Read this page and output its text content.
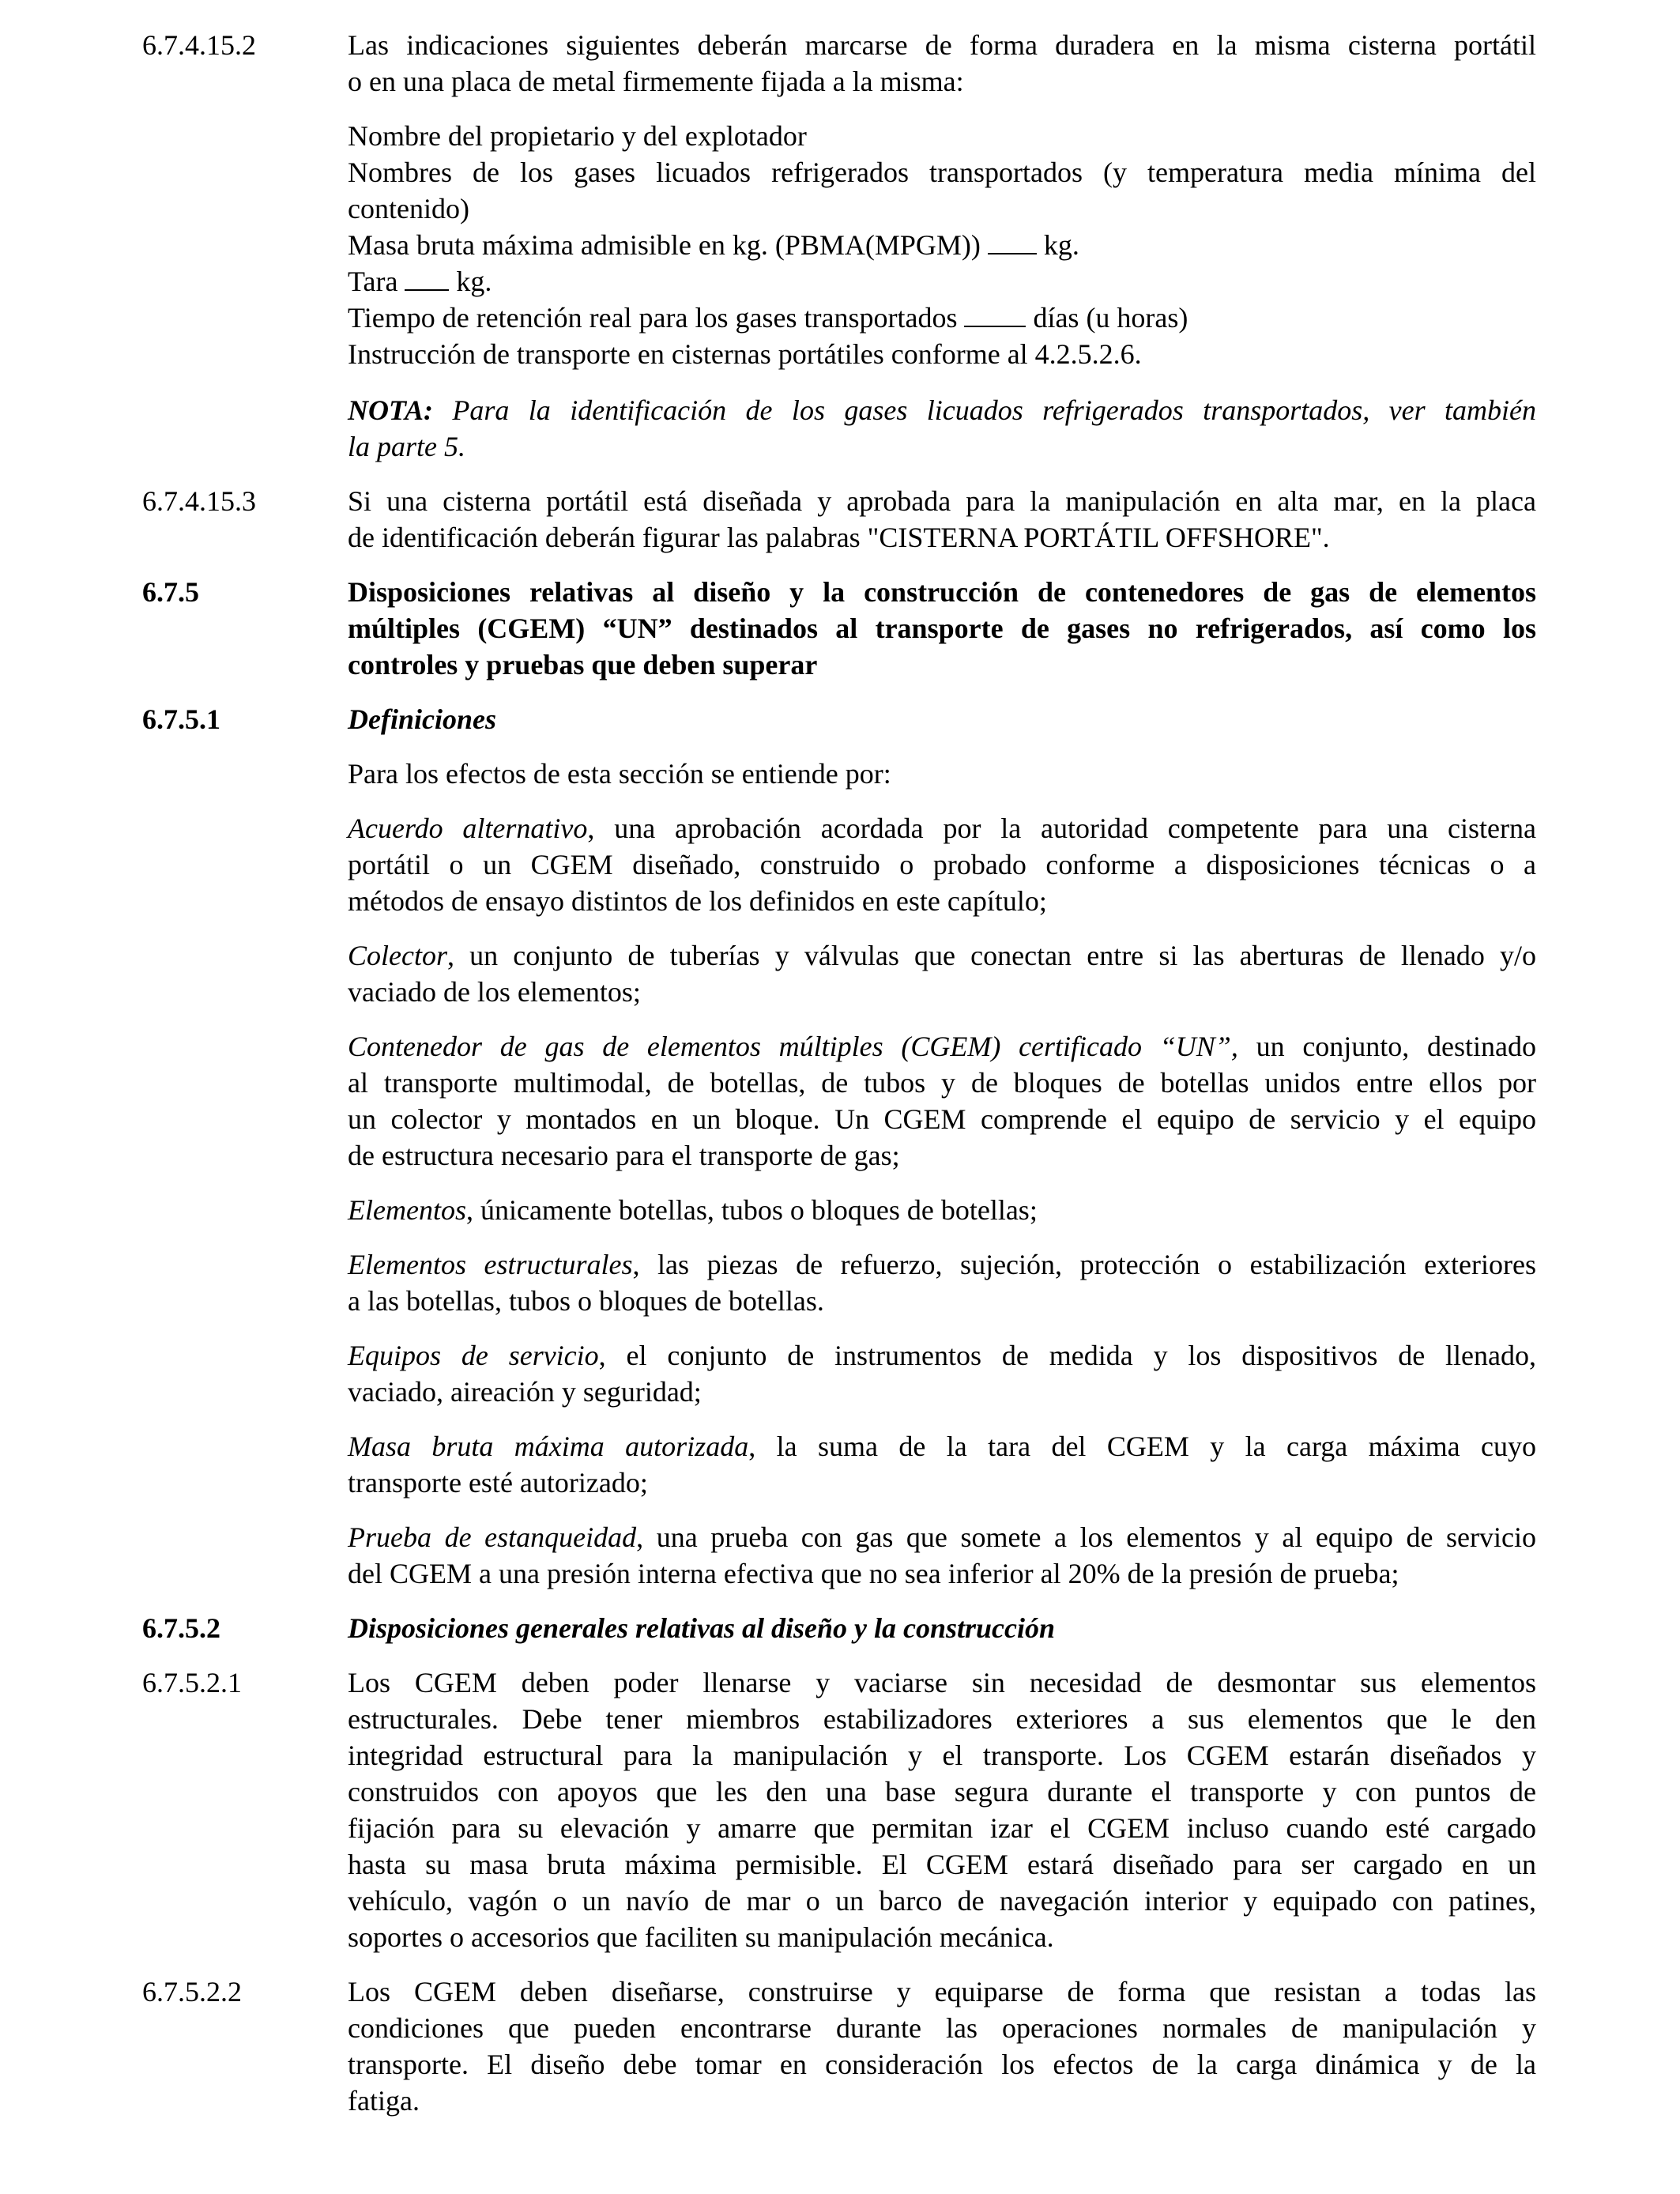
6.7.4.15.2	Las indicaciones siguientes deberán marcarse de forma duradera en la misma cisterna portátil
o en una placa de metal firmemente fijada a la misma:
Nombre del propietario y del explotador
Nombres de los gases licuados refrigerados transportados (y temperatura media mínima del
contenido)
Masa bruta máxima admisible en kg. (PBMA(MPGM)) kg.
Tara kg.
Tiempo de retención real para los gases transportados	días (u horas)
Instrucción de transporte en cisternas portátiles conforme al 4.2.5.2.6.
NOTA: Para la identificación de los gases licuados refrigerados transportados, ver también
la parte 5.
6.7.4.15.3	Si una cisterna portátil está diseñada y aprobada para la manipulación en alta mar, en la placa
de identificación deberán figurar las palabras "CISTERNA PORTÁTIL OFFSHORE".
6.7.5	Disposiciones relativas al diseño y la construcción de contenedores de gas de elementos
múltiples (CGEM) “UN” destinados al transporte de gases no refrigerados, así como los
controles y pruebas que deben superar
6.7.5.1	Definiciones
Para los efectos de esta sección se entiende por:
Acuerdo alternativo, una aprobación acordada por la autoridad competente para una cisterna
portátil o un CGEM diseñado, construido o probado conforme a disposiciones técnicas o a
métodos de ensayo distintos de los definidos en este capítulo;
Colector, un conjunto de tuberías y válvulas que conectan entre si las aberturas de llenado y/o
vaciado de los elementos;
Contenedor de gas de elementos múltiples (CGEM) certificado “UN”, un conjunto, destinado
al transporte multimodal, de botellas, de tubos y de bloques de botellas unidos entre ellos por
un colector y montados en un bloque. Un CGEM comprende el equipo de servicio y el equipo
de estructura necesario para el transporte de gas;
Elementos, únicamente botellas, tubos o bloques de botellas;
Elementos estructurales, las piezas de refuerzo, sujeción, protección o estabilización exteriores
a las botellas, tubos o bloques de botellas.
Equipos de servicio, el conjunto de instrumentos de medida y los dispositivos de llenado,
vaciado, aireación y seguridad;
Masa bruta máxima autorizada, la suma de la tara del CGEM y la carga máxima cuyo
transporte esté autorizado;
Prueba de estanqueidad, una prueba con gas que somete a los elementos y al equipo de servicio
del CGEM a una presión interna efectiva que no sea inferior al 20% de la presión de prueba;
6.7.5.2	Disposiciones generales relativas al diseño y la construcción
6.7.5.2.1	Los CGEM deben poder llenarse y vaciarse sin necesidad de desmontar sus elementos
estructurales. Debe tener miembros estabilizadores exteriores a sus elementos que le den
integridad estructural para la manipulación y el transporte. Los CGEM estarán diseñados y
construidos con apoyos que les den una base segura durante el transporte y con puntos de
fijación para su elevación y amarre que permitan izar el CGEM incluso cuando esté cargado
hasta su masa bruta máxima permisible. El CGEM estará diseñado para ser cargado en un
vehículo, vagón o un navío de mar o un barco de navegación interior y equipado con patines,
soportes o accesorios que faciliten su manipulación mecánica.
6.7.5.2.2	Los CGEM deben diseñarse, construirse y equiparse de forma que resistan a todas las
condiciones que pueden encontrarse durante las operaciones normales de manipulación y
transporte. El diseño debe tomar en consideración los efectos de la carga dinámica y de la
fatiga.
